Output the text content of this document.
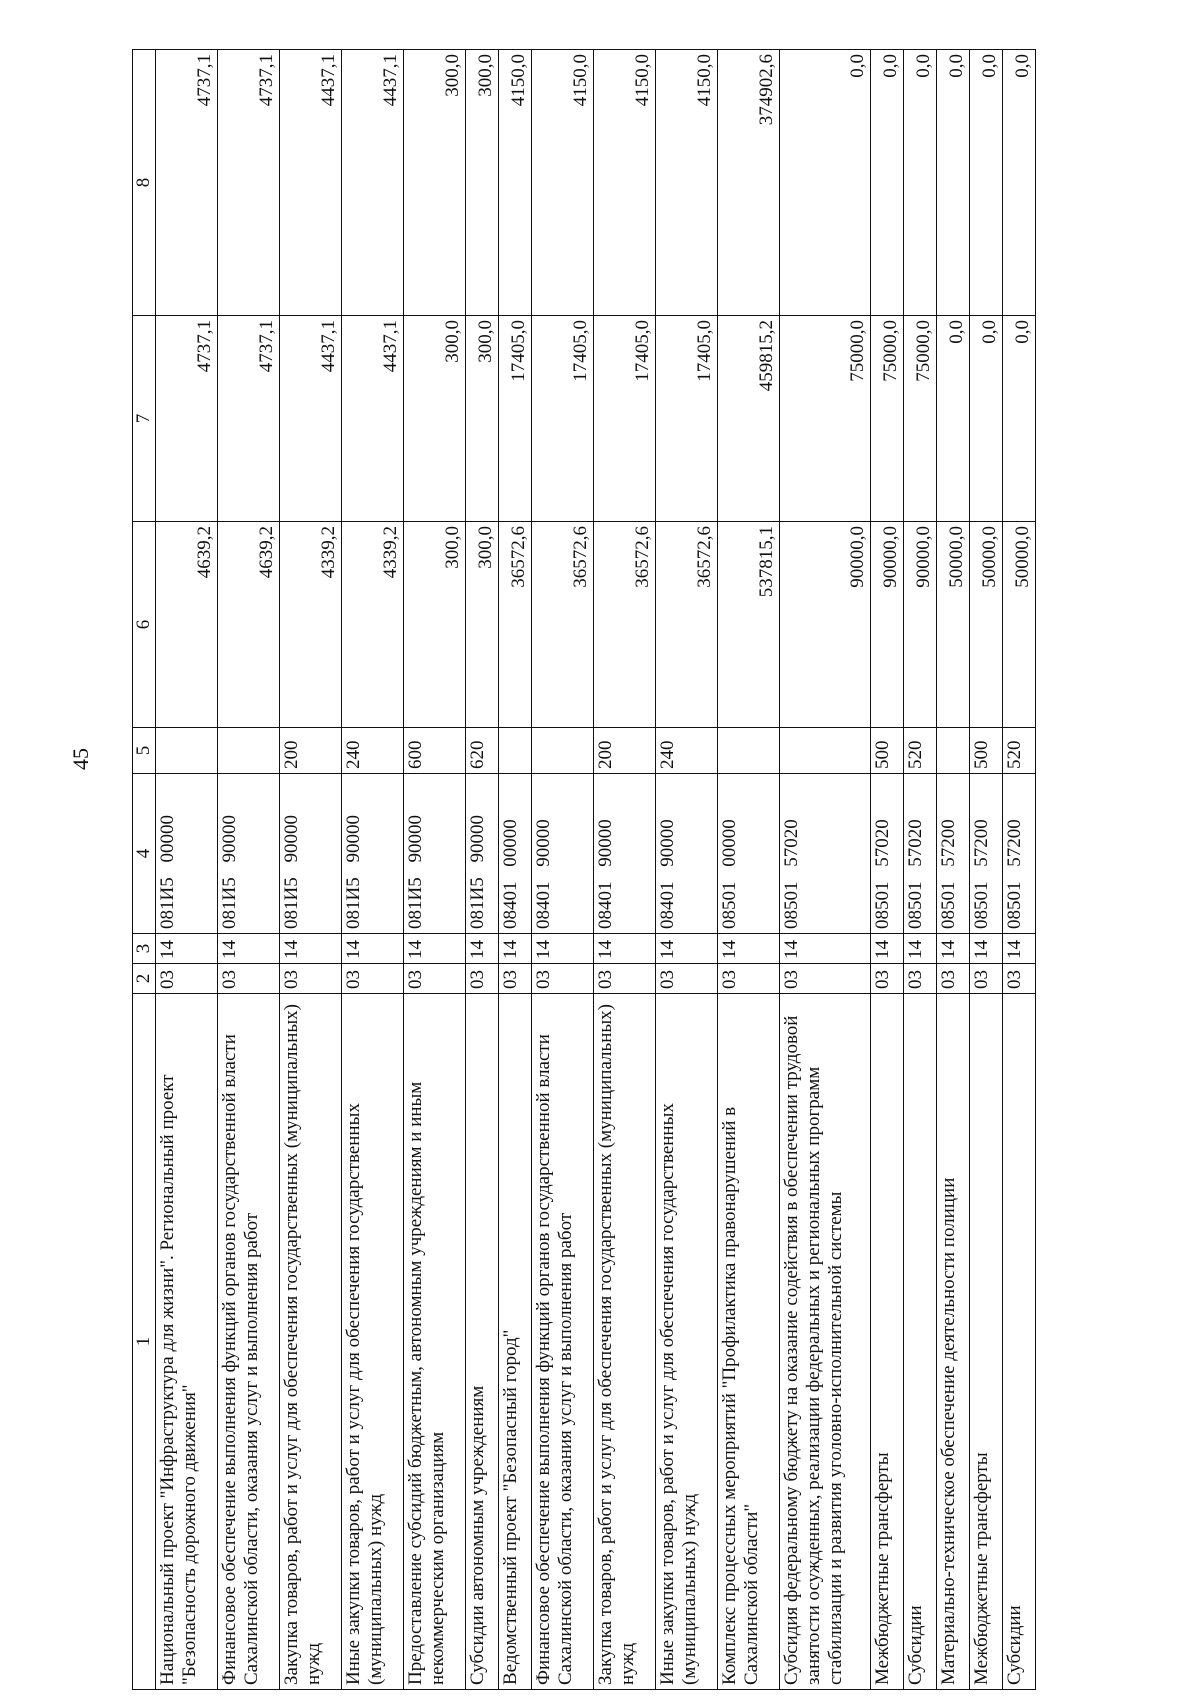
45
1	2	3	4	5	6	7	8
Национальный проект "Инфраструктура для жизни". Региональный проект "Безопасность дорожного движения"	03	14	081И5 00000		4639,2	4737,1	4737,1
Финансовое обеспечение выполнения функций органов государственной власти Сахалинской области, оказания услуг и выполнения работ	03	14	081И5 90000		4639,2	4737,1	4737,1
Закупка товаров, работ и услуг для обеспечения государственных (муниципальных) нужд	03	14	081И5 90000	200	4339,2	4437,1	4437,1
Иные закупки товаров, работ и услуг для обеспечения государственных (муниципальных) нужд	03	14	081И5 90000	240	4339,2	4437,1	4437,1
Предоставление субсидий бюджетным, автономным учреждениям и иным некоммерческим организациям	03	14	081И5 90000	600	300,0	300,0	300,0
Субсидии автономным учреждениям	03	14	081И5 90000	620	300,0	300,0	300,0
Ведомственный проект "Безопасный город"	03	14	08401 00000		36572,6	17405,0	4150,0
Финансовое обеспечение выполнения функций органов государственной власти Сахалинской области, оказания услуг и выполнения работ	03	14	08401 90000		36572,6	17405,0	4150,0
Закупка товаров, работ и услуг для обеспечения государственных (муниципальных) нужд	03	14	08401 90000	200	36572,6	17405,0	4150,0
Иные закупки товаров, работ и услуг для обеспечения государственных (муниципальных) нужд	03	14	08401 90000	240	36572,6	17405,0	4150,0
Комплекс процессных мероприятий "Профилактика правонарушений в Сахалинской области"	03	14	08501 00000		537815,1	459815,2	374902,6
Субсидия федеральному бюджету на оказание содействия в обеспечении трудовой занятости осужденных, реализации федеральных и региональных программ стабилизации и развития уголовно-исполнительной системы	03	14	08501 57020		90000,0	75000,0	0,0
Межбюджетные трансферты	03	14	08501 57020	500	90000,0	75000,0	0,0
Субсидии	03	14	08501 57020	520	90000,0	75000,0	0,0
Материально-техническое обеспечение деятельности полиции	03	14	08501 57200		50000,0	0,0	0,0
Межбюджетные трансферты	03	14	08501 57200	500	50000,0	0,0	0,0
Субсидии	03	14	08501 57200	520	50000,0	0,0	0,0
